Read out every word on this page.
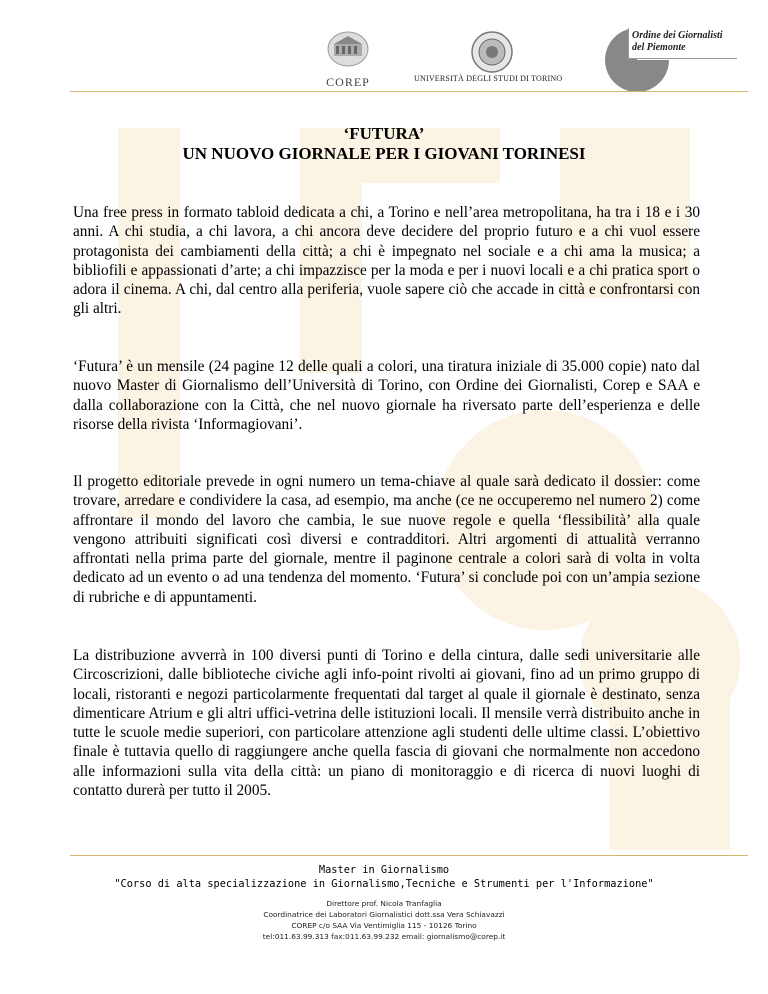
COREP	UNIVERSITÀ DEGLI STUDI DI TORINO
Ordine dei Giornalisti
del Piemonte
‘FUTURA’
UN NUOVO GIORNALE PER I GIOVANI TORINESI
Una free press in formato tabloid dedicata a chi, a Torino e nell’area metropolitana, ha tra i 18 e i 30 anni. A chi studia, a chi lavora, a chi ancora deve decidere del proprio futuro e a chi vuol essere protagonista dei cambiamenti della città; a chi è impegnato nel sociale e a chi ama la musica; a bibliofili e appassionati d’arte; a chi impazzisce per la moda e per i nuovi locali e a chi pratica sport o adora il cinema. A chi, dal centro alla periferia, vuole sapere ciò che accade in città e confrontarsi con gli altri.
‘Futura’ è un mensile (24 pagine 12 delle quali a colori, una tiratura iniziale di 35.000 copie) nato dal nuovo Master di Giornalismo dell’Università di Torino, con Ordine dei Giornalisti, Corep e SAA e dalla collaborazione con la Città, che nel nuovo giornale ha riversato parte dell’esperienza e delle risorse della rivista ‘Informagiovani’.
Il progetto editoriale prevede in ogni numero un tema-chiave al quale sarà dedicato il dossier: come trovare, arredare e condividere la casa, ad esempio, ma anche (ce ne occuperemo nel numero 2) come affrontare il mondo del lavoro che cambia, le sue nuove regole e quella ‘flessibilità’ alla quale vengono attribuiti significati così diversi e contradditori. Altri argomenti di attualità verranno affrontati nella prima parte del giornale, mentre il paginone centrale a colori sarà di volta in volta dedicato ad un evento o ad una tendenza del momento. ‘Futura’ si conclude poi con un’ampia sezione di rubriche e di appuntamenti.
La distribuzione avverrà in 100 diversi punti di Torino e della cintura, dalle sedi universitarie alle Circoscrizioni, dalle biblioteche civiche agli info-point rivolti ai giovani, fino ad un primo gruppo di locali, ristoranti e negozi particolarmente frequentati dal target al quale il giornale è destinato, senza dimenticare Atrium e gli altri uffici-vetrina delle istituzioni locali. Il mensile verrà distribuito anche in tutte le scuole medie superiori, con particolare attenzione agli studenti delle ultime classi. L’obiettivo finale è tuttavia quello di raggiungere anche quella fascia di giovani che normalmente non accedono alle informazioni sulla vita della città: un piano di monitoraggio e di ricerca di nuovi luoghi di contatto durerà per tutto il 2005.
Master in Giornalismo
"Corso di alta specializzazione in Giornalismo,Tecniche e Strumenti per l'Informazione"
Direttore prof. Nicola Tranfaglia
Coordinatrice dei Laboratori Giornalistici dott.ssa Vera Schiavazzi
COREP c/o SAA Via Ventimiglia 115 - 10126 Torino
tel:011.63.99.313 fax:011.63.99.232 email: giornalismo@corep.it
